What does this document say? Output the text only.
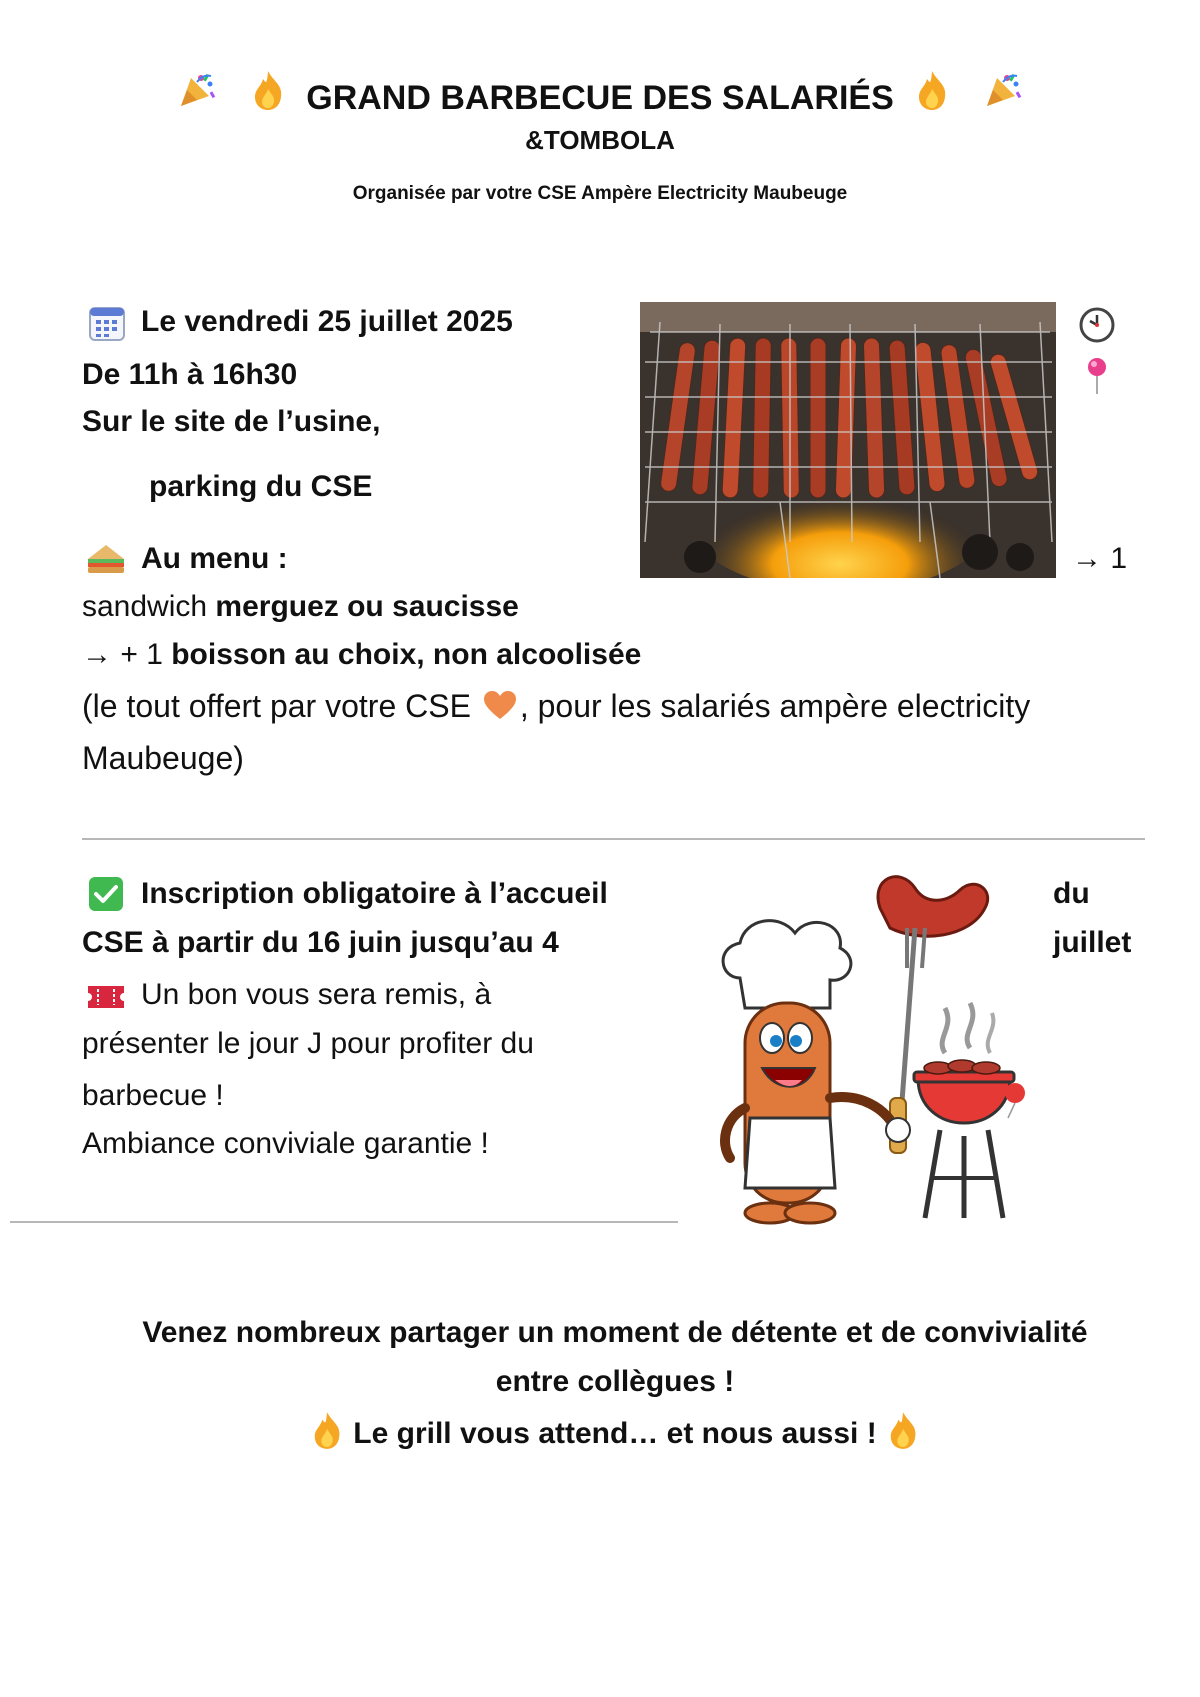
GRAND BARBECUE DES SALARIÉS
&TOMBOLA
Organisée par votre CSE Ampère Electricity Maubeuge
Le vendredi 25 juillet 2025
De 11h à 16h30
Sur le site de l’usine,
parking du CSE
Au menu :	→ 1
sandwich merguez ou saucisse
→ + 1 boisson au choix, non alcoolisée
(le tout offert par votre CSE , pour les salariés ampère electricity
Maubeuge)
Inscription obligatoire à l’accueil	du
CSE à partir du 16 juin jusqu’au 4	juillet
Un bon vous sera remis, à
présenter le jour J pour profiter du
barbecue !
Ambiance conviviale garantie !
Venez nombreux partager un moment de détente et de convivialité
entre collègues !
Le grill vous attend… et nous aussi !
